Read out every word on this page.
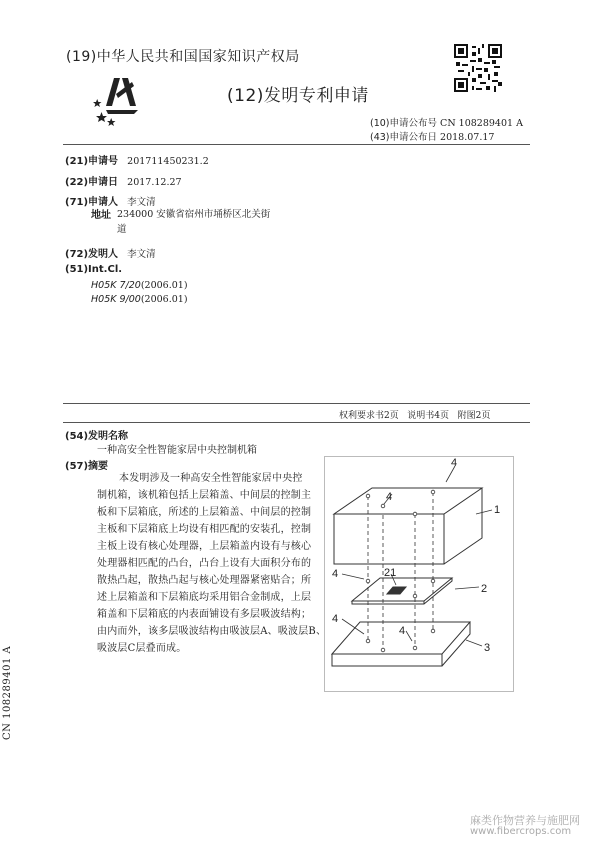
(19)中华人民共和国国家知识产权局
(12)发明专利申请
(10)申请公布号 CN 108289401 A
(43)申请公布日 2018.07.17
(21)申请号 201711450231.2
(22)申请日 2017.12.27
(71)申请人 李文清
地址 234000 安徽省宿州市埇桥区北关街
道
(72)发明人 李文清
(51)Int.Cl.
H05K 7/20(2006.01)
H05K 9/00(2006.01)
权利要求书2页   说明书4页   附图2页
(54)发明名称
一种高安全性智能家居中央控制机箱
(57)摘要
本发明涉及一种高安全性智能家居中央控
制机箱，该机箱包括上层箱盖、中间层的控制主
板和下层箱底，所述的上层箱盖、中间层的控制
主板和下层箱底上均设有相匹配的安装孔，控制
主板上设有核心处理器，上层箱盖内设有与核心
处理器相匹配的凸台，凸台上设有大面积分布的
散热凸起，散热凸起与核心处理器紧密贴合；所
述上层箱盖和下层箱底均采用铝合金制成，上层
箱盖和下层箱底的内表面铺设有多层吸波结构；
由内而外，该多层吸波结构由吸波层A、吸波层B、
吸波层C层叠而成。
4
4
1
4	21
2
4
4
3
CN 108289401 A
麻类作物营养与施肥网
www.fibercrops.com
